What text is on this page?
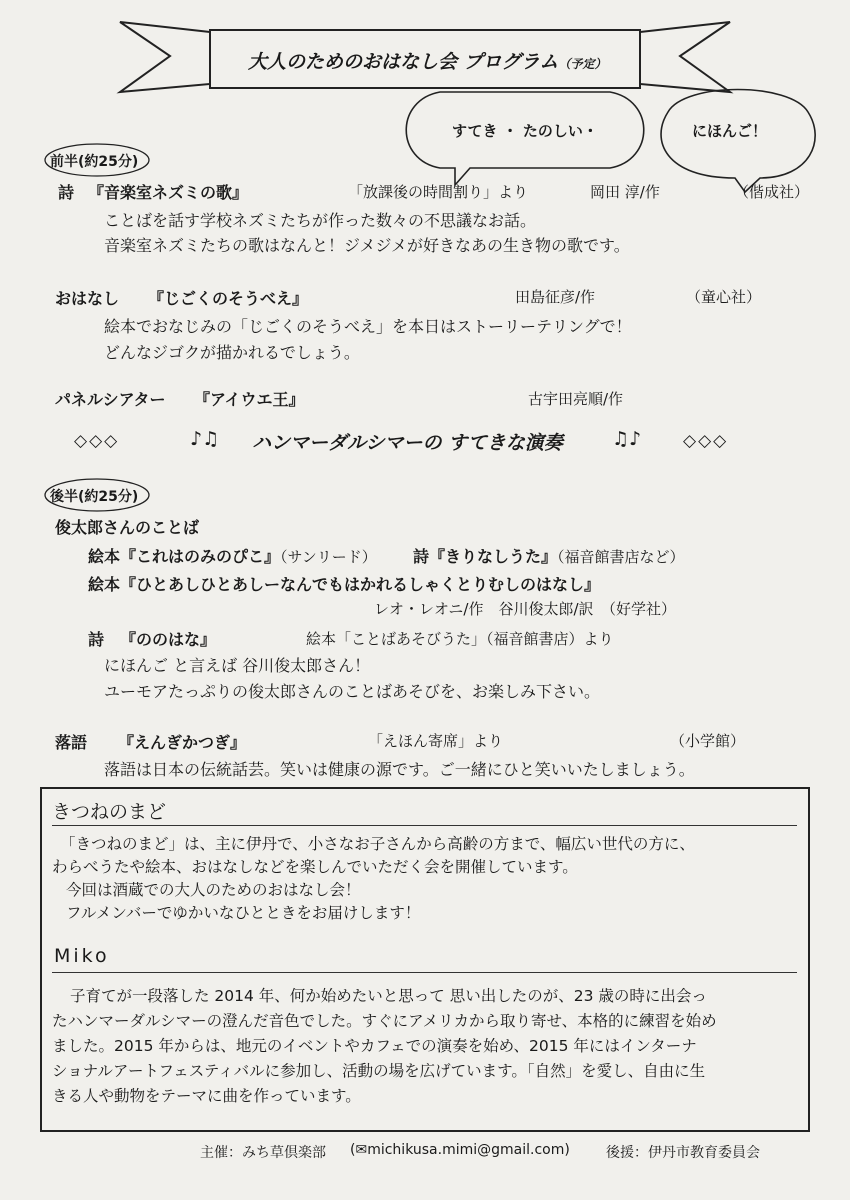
大人のためのおはなし会 プログラム（予定）
すてき ・ たのしい・	にほんご！
前半(約25分)
詩 『音楽室ネズミの歌』	「放課後の時間割り」より	岡田 淳/作	（偕成社）
ことばを話す学校ネズミたちが作った数々の不思議なお話。
音楽室ネズミたちの歌はなんと！ジメジメが好きなあの生き物の歌です。
おはなし 『じごくのそうべえ』	田島征彦/作	（童心社）
絵本でおなじみの「じごくのそうべえ」を本日はストーリーテリングで！
どんなジゴクが描かれるでしょう。
パネルシアター 『アイウエ王』	古宇田亮順/作
◇◇◇	♪♫ ハンマーダルシマーの すてきな演奏	♫♪ ◇◇◇
後半(約25分)
俊太郎さんのことば
絵本『これはのみのぴこ』（サンリード） 詩『きりなしうた』（福音館書店など）
絵本『ひとあしひとあしーなんでもはかれるしゃくとりむしのはなし』
レオ・レオニ/作　谷川俊太郎/訳　（好学社）
詩 『ののはな』	絵本「ことばあそびうた」（福音館書店）より
にほんご と言えば 谷川俊太郎さん！
ユーモアたっぷりの俊太郎さんのことばあそびを、お楽しみ下さい。
落語 『えんぎかつぎ』	「えほん寄席」より	（小学館）
落語は日本の伝統話芸。笑いは健康の源です。ご一緒にひと笑いいたしましょう。
きつねのまど
「きつねのまど」は、主に伊丹で、小さなお子さんから高齢の方まで、幅広い世代の方に、
わらべうたや絵本、おはなしなどを楽しんでいただく会を開催しています。
今回は酒蔵での大人のためのおはなし会！
フルメンバーでゆかいなひとときをお届けします！
Miko
子育てが一段落した 2014 年、何か始めたいと思って 思い出したのが、23 歳の時に出会っ
たハンマーダルシマーの澄んだ音色でした。すぐにアメリカから取り寄せ、本格的に練習を始め
ました。2015 年からは、地元のイベントやカフェでの演奏を始め、2015 年にはインターナ
ショナルアートフェスティバルに参加し、活動の場を広げています。「自然」を愛し、自由に生
きる人や動物をテーマに曲を作っています。
主催：みち草倶楽部 (✉michikusa.mimi@gmail.com)	後援：伊丹市教育委員会
